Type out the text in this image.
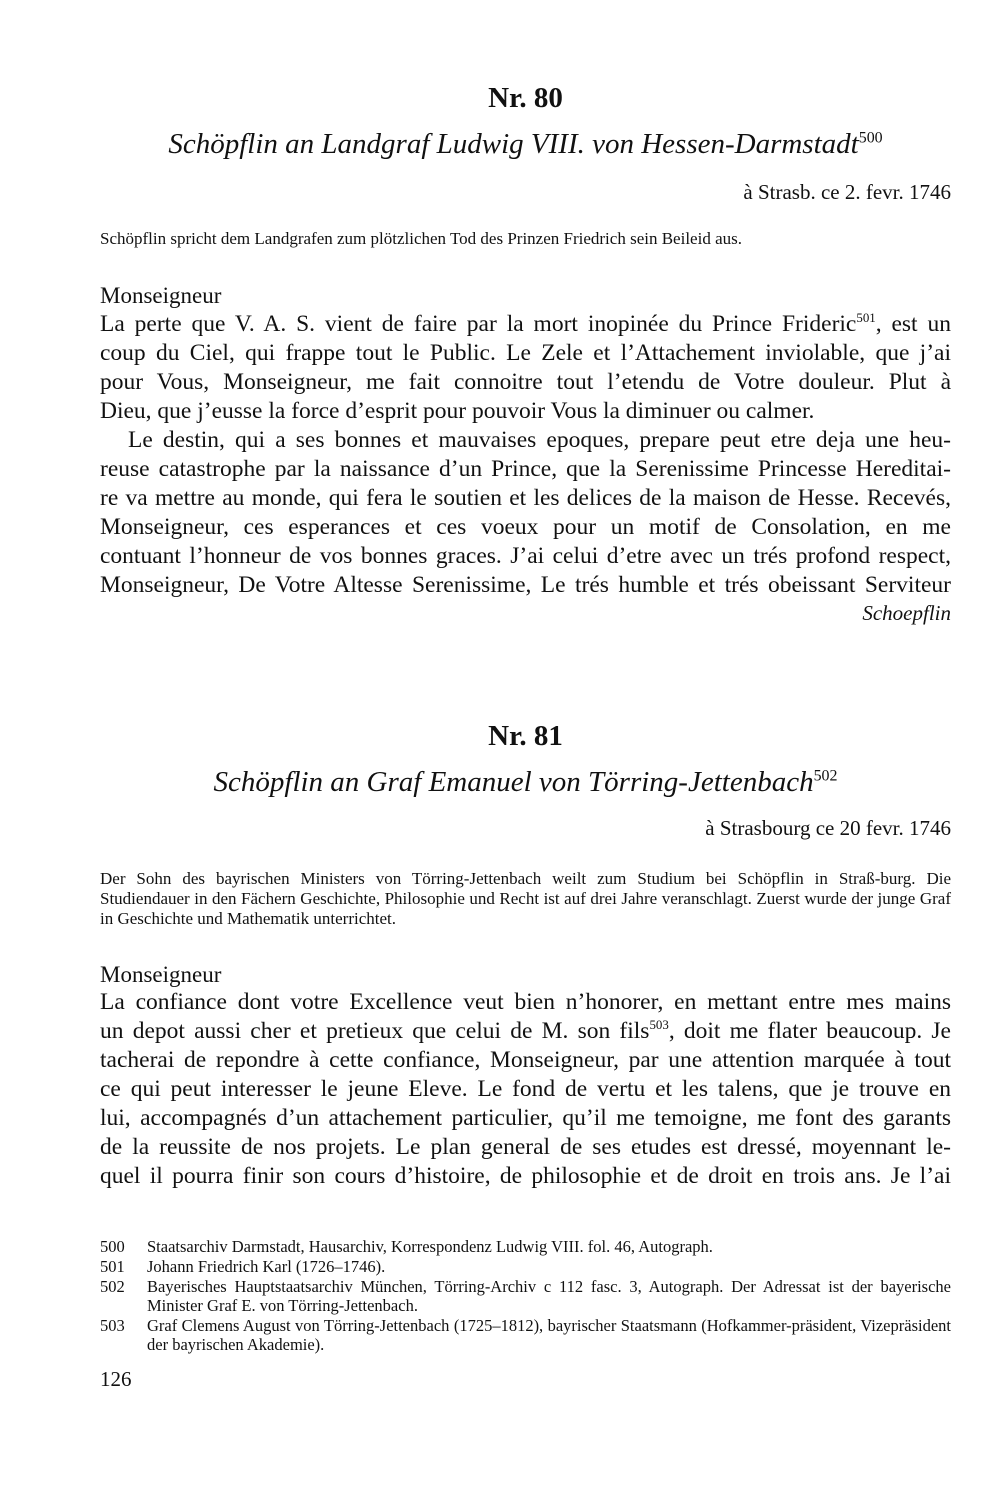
Nr. 80
Schöpflin an Landgraf Ludwig VIII. von Hessen-Darmstadt$^{500}$
à Strasb. ce 2. fevr. 1746
Schöpflin spricht dem Landgrafen zum plötzlichen Tod des Prinzen Friedrich sein Beileid aus.
Monseigneur
La perte que V. A. S. vient de faire par la mort inopinée du Prince Frideric$^{501}$, est un
coup du Ciel, qui frappe tout le Public. Le Zele et l’Attachement inviolable, que j’ai
pour Vous, Monseigneur, me fait connoitre tout l’etendu de Votre douleur. Plut à
Dieu, que j’eusse la force d’esprit pour pouvoir Vous la diminuer ou calmer.
Le destin, qui a ses bonnes et mauvaises epoques, prepare peut etre deja une heu-
reuse catastrophe par la naissance d’un Prince, que la Serenissime Princesse Hereditai-
re va mettre au monde, qui fera le soutien et les delices de la maison de Hesse. Recevés,
Monseigneur, ces esperances et ces voeux pour un motif de Consolation, en me
contuant l’honneur de vos bonnes graces. J’ai celui d’etre avec un trés profond respect,
Monseigneur, De Votre Altesse Serenissime, Le trés humble et trés obeissant Serviteur
Schoepflin
Nr. 81
Schöpflin an Graf Emanuel von Törring-Jettenbach$^{502}$
à Strasbourg ce 20 fevr. 1746
Der Sohn des bayrischen Ministers von Törring-Jettenbach weilt zum Studium bei Schöpflin in Straß-burg. Die Studiendauer in den Fächern Geschichte, Philosophie und Recht ist auf drei Jahre veranschlagt. Zuerst wurde der junge Graf in Geschichte und Mathematik unterrichtet.
Monseigneur
La confiance dont votre Excellence veut bien n’honorer, en mettant entre mes mains
un depot aussi cher et pretieux que celui de M. son fils$^{503}$, doit me flater beaucoup. Je
tacherai de repondre à cette confiance, Monseigneur, par une attention marquée à tout
ce qui peut interesser le jeune Eleve. Le fond de vertu et les talens, que je trouve en
lui, accompagnés d’un attachement particulier, qu’il me temoigne, me font des garants
de la reussite de nos projets. Le plan general de ses etudes est dressé, moyennant le-
quel il pourra finir son cours d’histoire, de philosophie et de droit en trois ans. Je l’ai
500	Staatsarchiv Darmstadt, Hausarchiv, Korrespondenz Ludwig VIII. fol. 46, Autograph.
501	Johann Friedrich Karl (1726–1746).
502	Bayerisches Hauptstaatsarchiv München, Törring-Archiv c 112 fasc. 3, Autograph. Der Adressat ist der bayerische Minister Graf E. von Törring-Jettenbach.
503	Graf Clemens August von Törring-Jettenbach (1725–1812), bayrischer Staatsmann (Hofkammer-präsident, Vizepräsident der bayrischen Akademie).
126
